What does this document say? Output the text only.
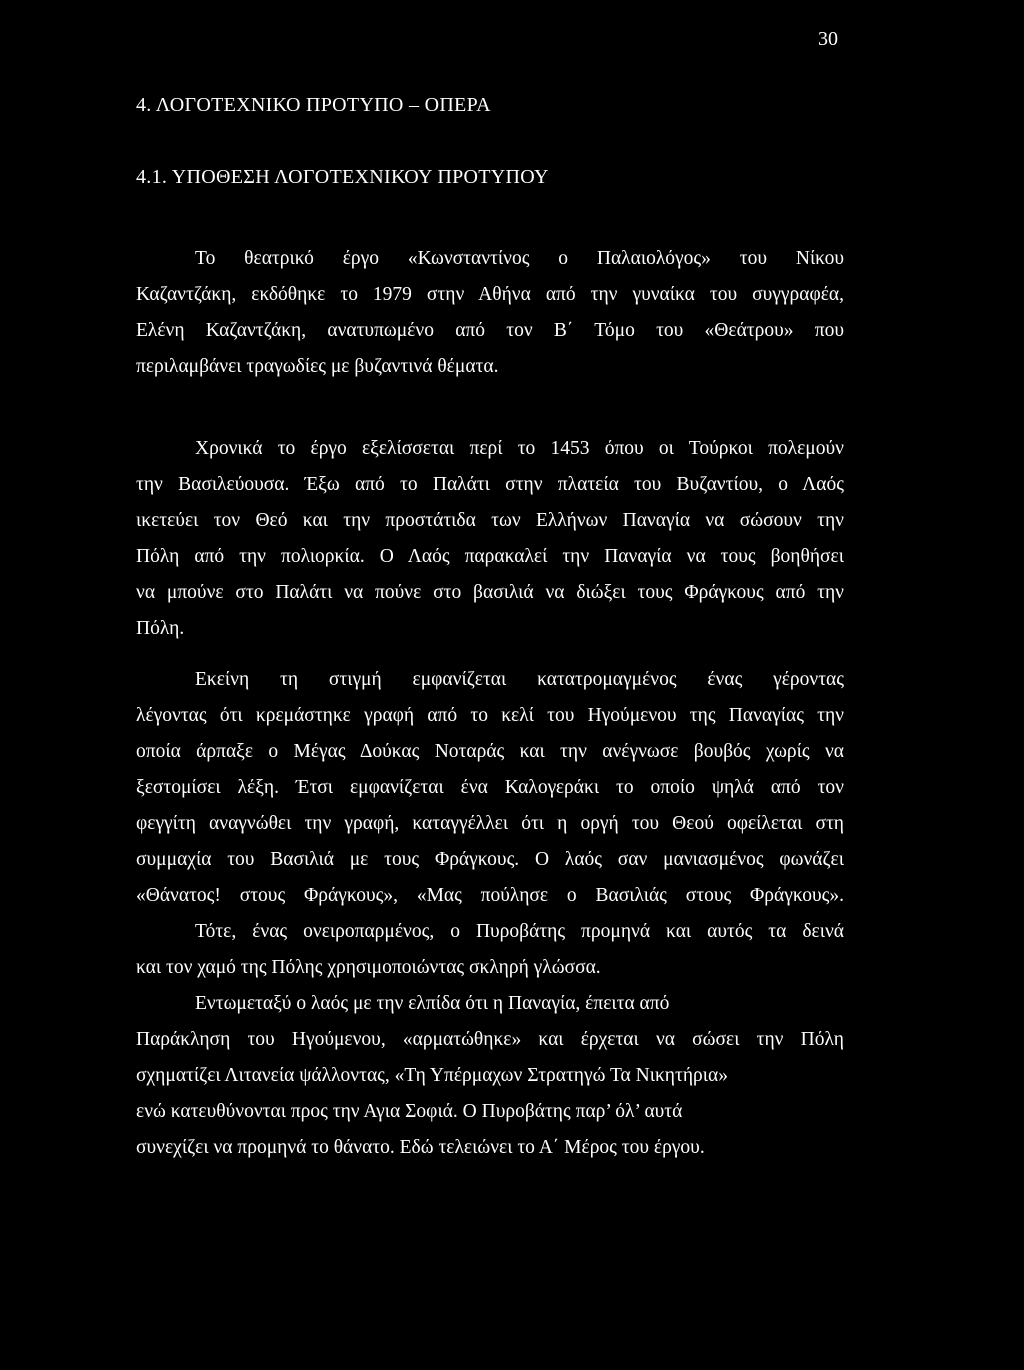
30
4. ΛΟΓΟΤΕΧΝΙΚΟ ΠΡΟΤΥΠΟ – ΟΠΕΡΑ
4.1. ΥΠΟΘΕΣΗ ΛΟΓΟΤΕΧΝΙΚΟΥ ΠΡΟΤΥΠΟΥ

Το θεατρικό έργο «Κωνσταντίνος ο Παλαιολόγος» του Νίκου
Καζαντζάκη, εκδόθηκε το 1979 στην Αθήνα από την γυναίκα του συγγραφέα,
Ελένη Καζαντζάκη, ανατυπωμένο από τον Β΄ Τόμο του «Θεάτρου» που
περιλαμβάνει τραγωδίες με βυζαντινά θέματα.

Χρονικά το έργο εξελίσσεται περί το 1453 όπου οι Τούρκοι πολεμούν
την Βασιλεύουσα. Έξω από το Παλάτι στην πλατεία του Βυζαντίου, ο Λαός
ικετεύει τον Θεό και την προστάτιδα των Ελλήνων Παναγία να σώσουν την
Πόλη από την πολιορκία. Ο Λαός παρακαλεί την Παναγία να τους βοηθήσει
να μπούνε στο Παλάτι να πούνε στο βασιλιά να διώξει τους Φράγκους από την
Πόλη.

Εκείνη τη στιγμή εμφανίζεται κατατρομαγμένος ένας γέροντας
λέγοντας ότι κρεμάστηκε γραφή από το κελί του Ηγούμενου της Παναγίας την
οποία άρπαξε ο Μέγας Δούκας Νοταράς και την ανέγνωσε βουβός χωρίς να
ξεστομίσει λέξη. Έτσι εμφανίζεται ένα Καλογεράκι το οποίο ψηλά από τον
φεγγίτη αναγνώθει την γραφή, καταγγέλλει ότι η οργή του Θεού οφείλεται στη
συμμαχία του Βασιλιά με τους Φράγκους. Ο λαός σαν μανιασμένος φωνάζει
«Θάνατος! στους Φράγκους», «Μας πούλησε ο Βασιλιάς στους Φράγκους».
Τότε, ένας ονειροπαρμένος, ο Πυροβάτης προμηνά και αυτός τα δεινά
και τον χαμό της Πόλης χρησιμοποιώντας σκληρή γλώσσα.
Εντωμεταξύ ο λαός με την ελπίδα ότι η Παναγία, έπειτα από
Παράκληση του Ηγούμενου, «αρματώθηκε» και έρχεται να σώσει την Πόλη
σχηματίζει Λιτανεία ψάλλοντας, «Τη Υπέρμαχων Στρατηγώ Τα Νικητήρια»
ενώ κατευθύνονται προς την Αγια Σοφιά. Ο Πυροβάτης παρ’ όλ’ αυτά
συνεχίζει να προμηνά το θάνατο. Εδώ τελειώνει το Α΄ Μέρος του έργου.
